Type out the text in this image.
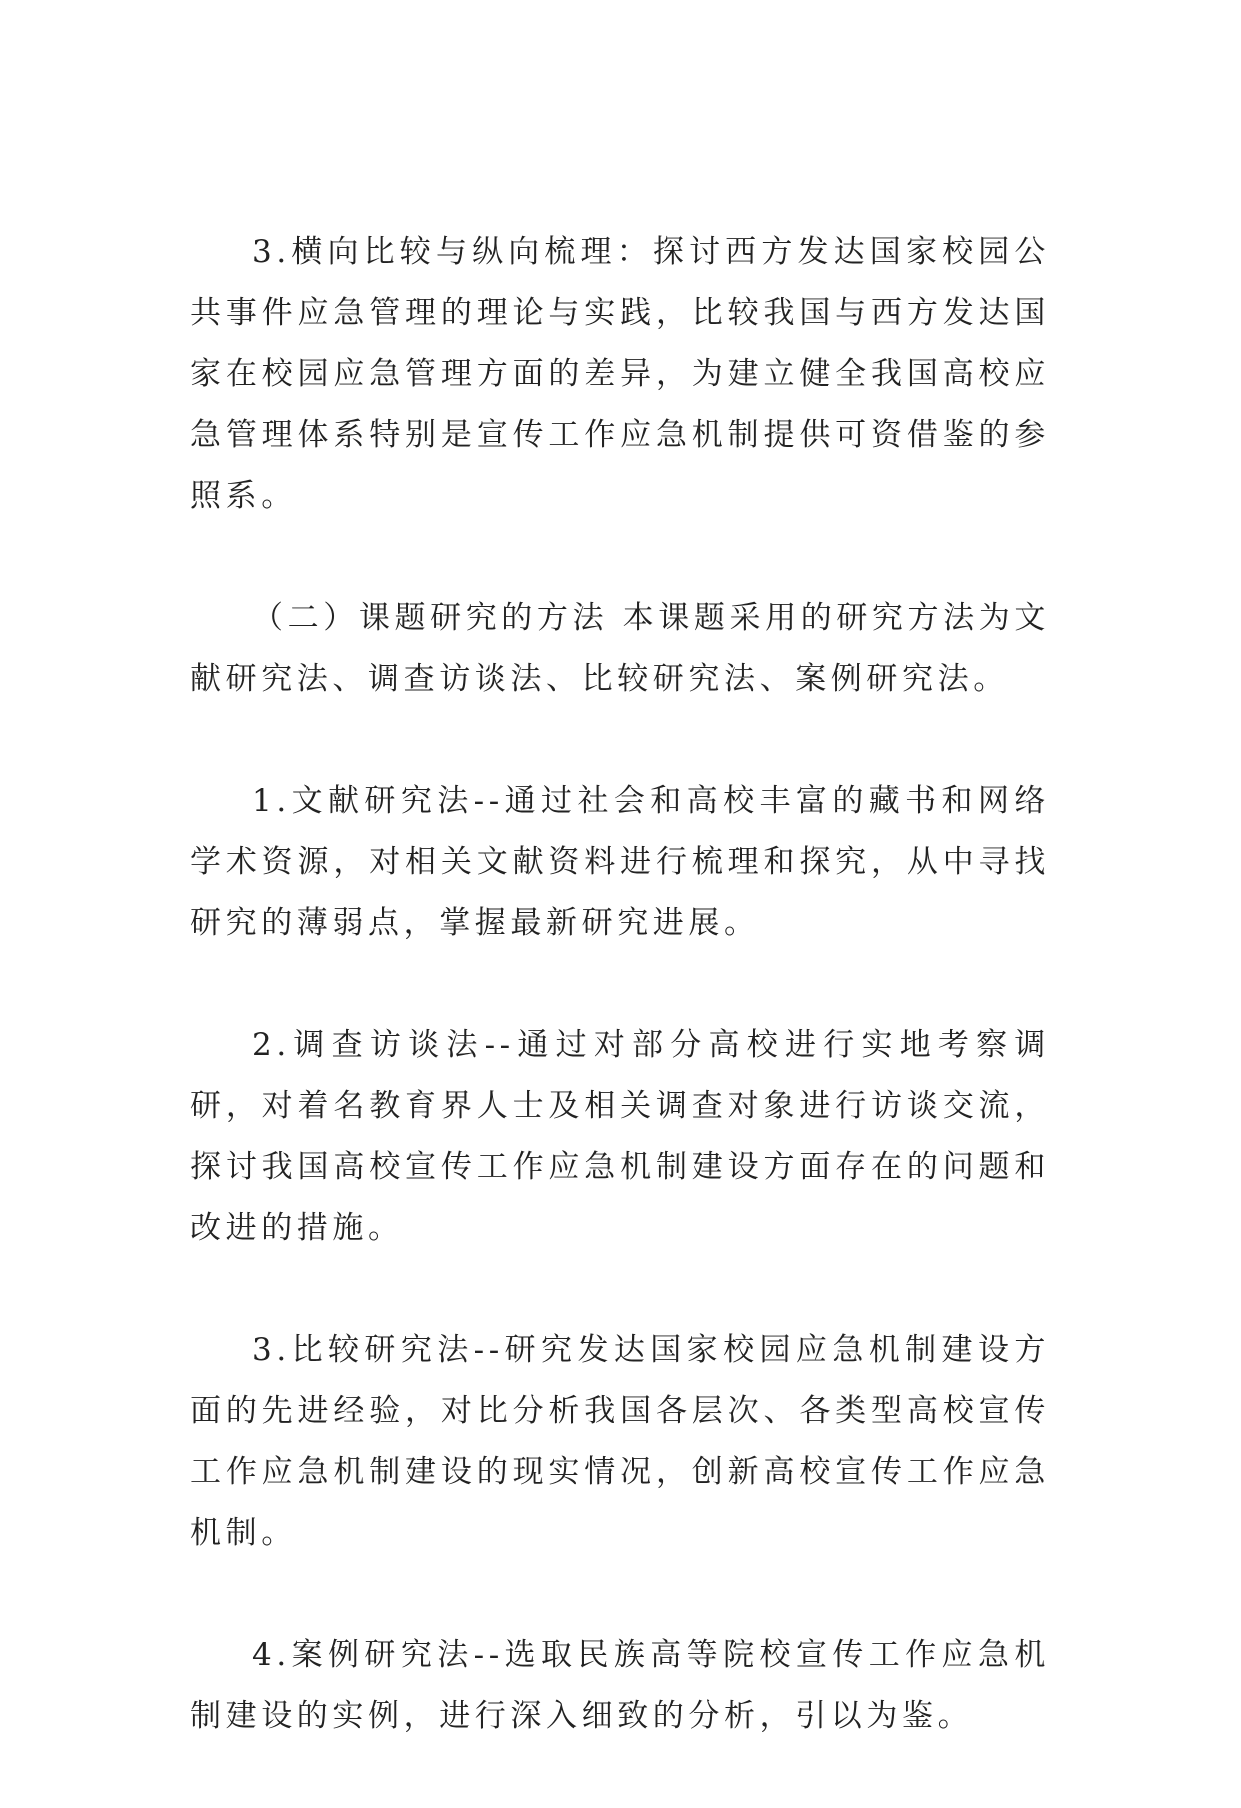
3.横向比较与纵向梳理：探讨西方发达国家校园公共事件应急管理的理论与实践，比较我国与西方发达国家在校园应急管理方面的差异，为建立健全我国高校应急管理体系特别是宣传工作应急机制提供可资借鉴的参照系。

（二）课题研究的方法 本课题采用的研究方法为文献研究法、调查访谈法、比较研究法、案例研究法。

1.文献研究法--通过社会和高校丰富的藏书和网络学术资源，对相关文献资料进行梳理和探究，从中寻找研究的薄弱点，掌握最新研究进展。

2.调查访谈法--通过对部分高校进行实地考察调研，对着名教育界人士及相关调查对象进行访谈交流，探讨我国高校宣传工作应急机制建设方面存在的问题和改进的措施。

3.比较研究法--研究发达国家校园应急机制建设方面的先进经验，对比分析我国各层次、各类型高校宣传工作应急机制建设的现实情况，创新高校宣传工作应急机制。

4.案例研究法--选取民族高等院校宣传工作应急机制建设的实例，进行深入细致的分析，引以为鉴。
